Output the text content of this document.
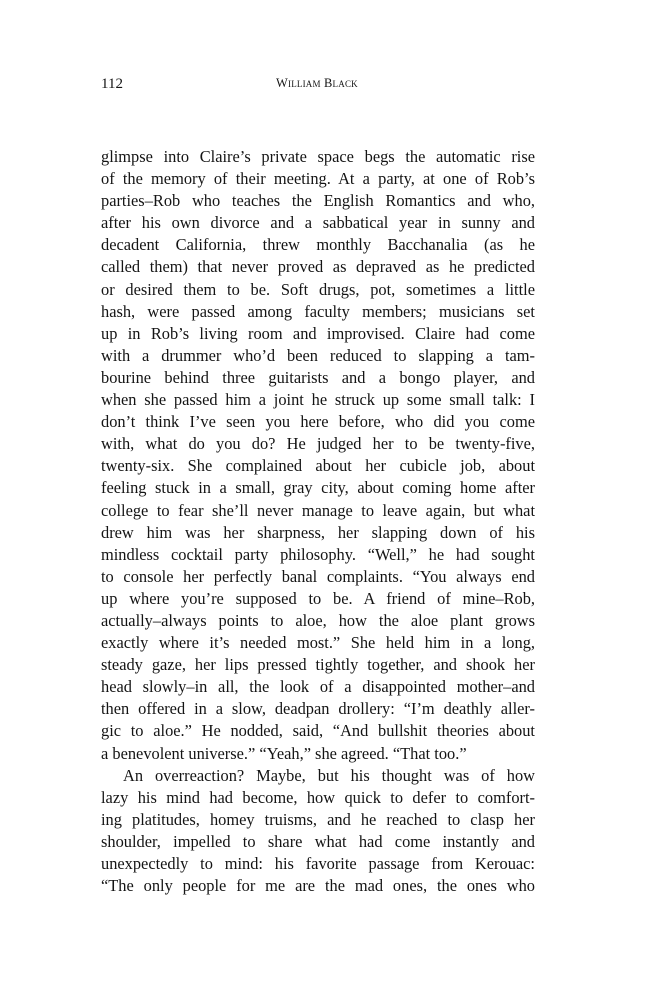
112	William Black
glimpse into Claire’s private space begs the automatic rise
of the memory of their meeting. At a party, at one of Rob’s
parties–Rob who teaches the English Romantics and who,
after his own divorce and a sabbatical year in sunny and
decadent California, threw monthly Bacchanalia (as he
called them) that never proved as depraved as he predicted
or desired them to be. Soft drugs, pot, sometimes a little
hash, were passed among faculty members; musicians set
up in Rob’s living room and improvised. Claire had come
with a drummer who’d been reduced to slapping a tam-
bourine behind three guitarists and a bongo player, and
when she passed him a joint he struck up some small talk: I
don’t think I’ve seen you here before, who did you come
with, what do you do? He judged her to be twenty-five,
twenty-six. She complained about her cubicle job, about
feeling stuck in a small, gray city, about coming home after
college to fear she’ll never manage to leave again, but what
drew him was her sharpness, her slapping down of his
mindless cocktail party philosophy. “Well,” he had sought
to console her perfectly banal complaints. “You always end
up where you’re supposed to be. A friend of mine–Rob,
actually–always points to aloe, how the aloe plant grows
exactly where it’s needed most.” She held him in a long,
steady gaze, her lips pressed tightly together, and shook her
head slowly–in all, the look of a disappointed mother–and
then offered in a slow, deadpan drollery: “I’m deathly aller-
gic to aloe.” He nodded, said, “And bullshit theories about
a benevolent universe.” “Yeah,” she agreed. “That too.”
An overreaction? Maybe, but his thought was of how
lazy his mind had become, how quick to defer to comfort-
ing platitudes, homey truisms, and he reached to clasp her
shoulder, impelled to share what had come instantly and
unexpectedly to mind: his favorite passage from Kerouac:
“The only people for me are the mad ones, the ones who
